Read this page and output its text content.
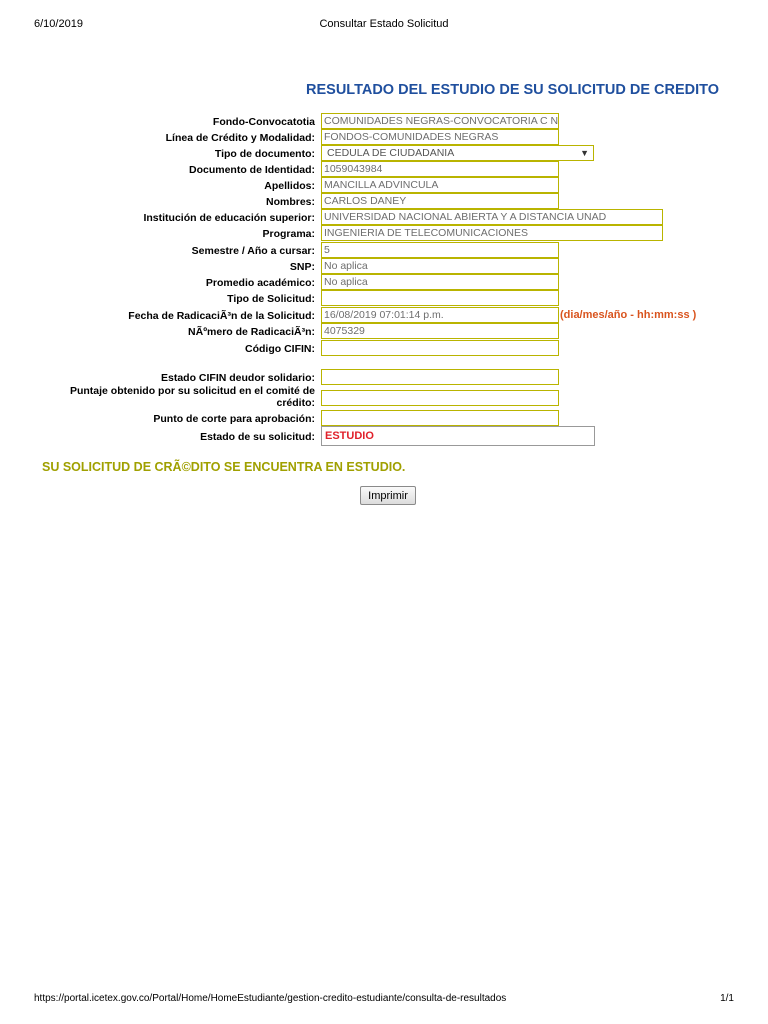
6/10/2019	Consultar Estado Solicitud
RESULTADO DEL ESTUDIO DE SU SOLICITUD DE CREDITO
Fondo-Convocatotia COMUNIDADES NEGRAS-CONVOCATORIA C N
Línea de Crédito y Modalidad: FONDOS-COMUNIDADES NEGRAS
Tipo de documento:	CEDULA DE CIUDADANIA	▼
Documento de Identidad: 1059043984
Apellidos: MANCILLA ADVINCULA
Nombres: CARLOS DANEY
Institución de educación superior: UNIVERSIDAD NACIONAL ABIERTA Y A DISTANCIA UNAD
Programa: INGENIERIA DE TELECOMUNICACIONES
Semestre / Año a cursar: 5
SNP: No aplica
Promedio académico: No aplica
Tipo de Solicitud:
Fecha de RadicaciÃ³n de la Solicitud: 16/08/2019 07:01:14 p.m.	(dia/mes/año - hh:mm:ss )
NÃºmero de RadicaciÃ³n: 4075329
Código CIFIN:
Estado CIFIN deudor solidario:
Puntaje obtenido por su solicitud en el comité de crédito:
Punto de corte para aprobación:
Estado de su solicitud: ESTUDIO
SU SOLICITUD DE CRÃ©DITO SE ENCUENTRA EN ESTUDIO.
Imprimir
https://portal.icetex.gov.co/Portal/Home/HomeEstudiante/gestion-credito-estudiante/consulta-de-resultados	1/1
